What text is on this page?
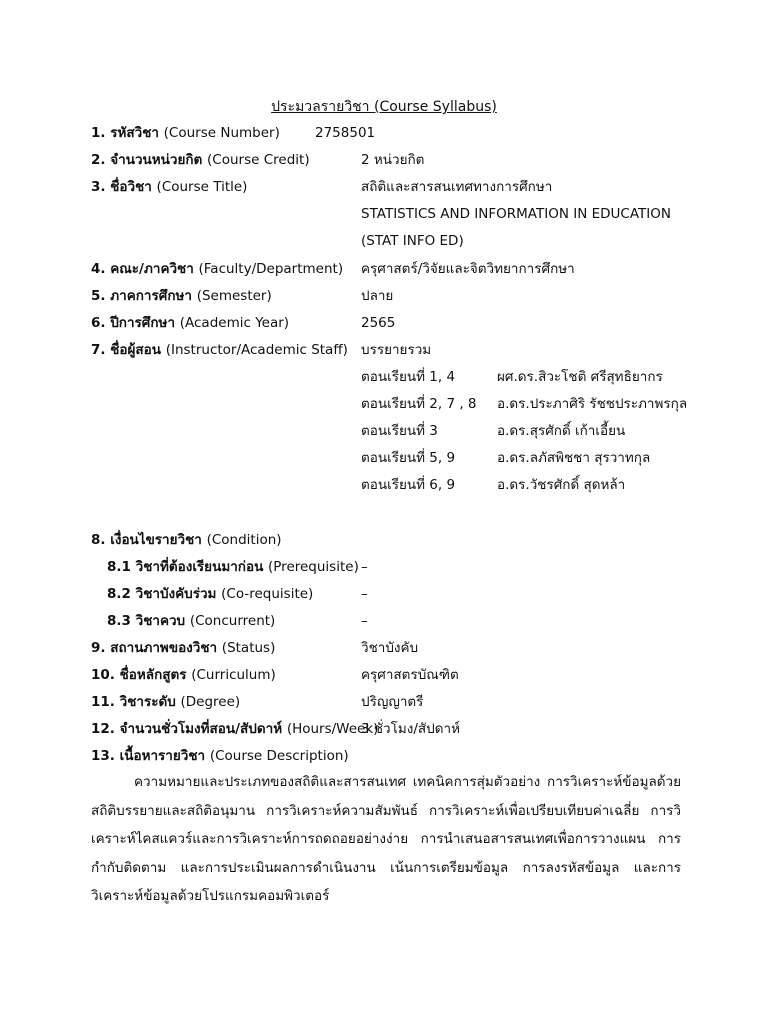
ประมวลรายวิชา (Course Syllabus)
1. รหัสวิชา (Course Number)	2758501
2. จำนวนหน่วยกิต (Course Credit)	2 หน่วยกิต
3. ชื่อวิชา (Course Title)	สถิติและสารสนเทศทางการศึกษา
STATISTICS AND INFORMATION IN EDUCATION
(STAT INFO ED)
4. คณะ/ภาควิชา (Faculty/Department) ครุศาสตร์/วิจัยและจิตวิทยาการศึกษา
5. ภาคการศึกษา (Semester)	ปลาย
6. ปีการศึกษา (Academic Year)	2565
7. ชื่อผู้สอน (Instructor/Academic Staff) บรรยายรวม
ตอนเรียนที่ 1, 4	ผศ.ดร.สิวะโชติ ศรีสุทธิยากร
ตอนเรียนที่ 2, 7 , 8 อ.ดร.ประภาศิริ รัชชประภาพรกุล
ตอนเรียนที่ 3	อ.ดร.สุรศักดิ์ เก้าเอี้ยน
ตอนเรียนที่ 5, 9	อ.ดร.ลภัสพิชชา สุรวาทกุล
ตอนเรียนที่ 6, 9	อ.ดร.วัชรศักดิ์ สุดหล้า
8. เงื่อนไขรายวิชา (Condition)
8.1 วิชาที่ต้องเรียนมาก่อน (Prerequisite) –
8.2 วิชาบังคับร่วม (Co-requisite)	–
8.3 วิชาควบ (Concurrent)	–
9. สถานภาพของวิชา (Status)	วิชาบังคับ
10. ชื่อหลักสูตร (Curriculum)	ครุศาสตรบัณฑิต
11. วิชาระดับ (Degree)	ปริญญาตรี
12. จำนวนชั่วโมงที่สอน/สัปดาห์ (Hours/Week)
3 ชั่วโมง/สัปดาห์
13. เนื้อหารายวิชา (Course Description)
ความหมายและประเภทของสถิติและสารสนเทศ เทคนิคการสุ่มตัวอย่าง การวิเคราะห์ข้อมูลด้วยสถิติบรรยายและสถิติอนุมาน การวิเคราะห์ความสัมพันธ์ การวิเคราะห์เพื่อเปรียบเทียบค่าเฉลี่ย การวิเคราะห์ไคสแควร์และการวิเคราะห์การถดถอยอย่างง่าย การนำเสนอสารสนเทศเพื่อการวางแผน การกำกับติดตาม และการประเมินผลการดำเนินงาน เน้นการเตรียมข้อมูล การลงรหัสข้อมูล และการวิเคราะห์ข้อมูลด้วยโปรแกรมคอมพิวเตอร์
